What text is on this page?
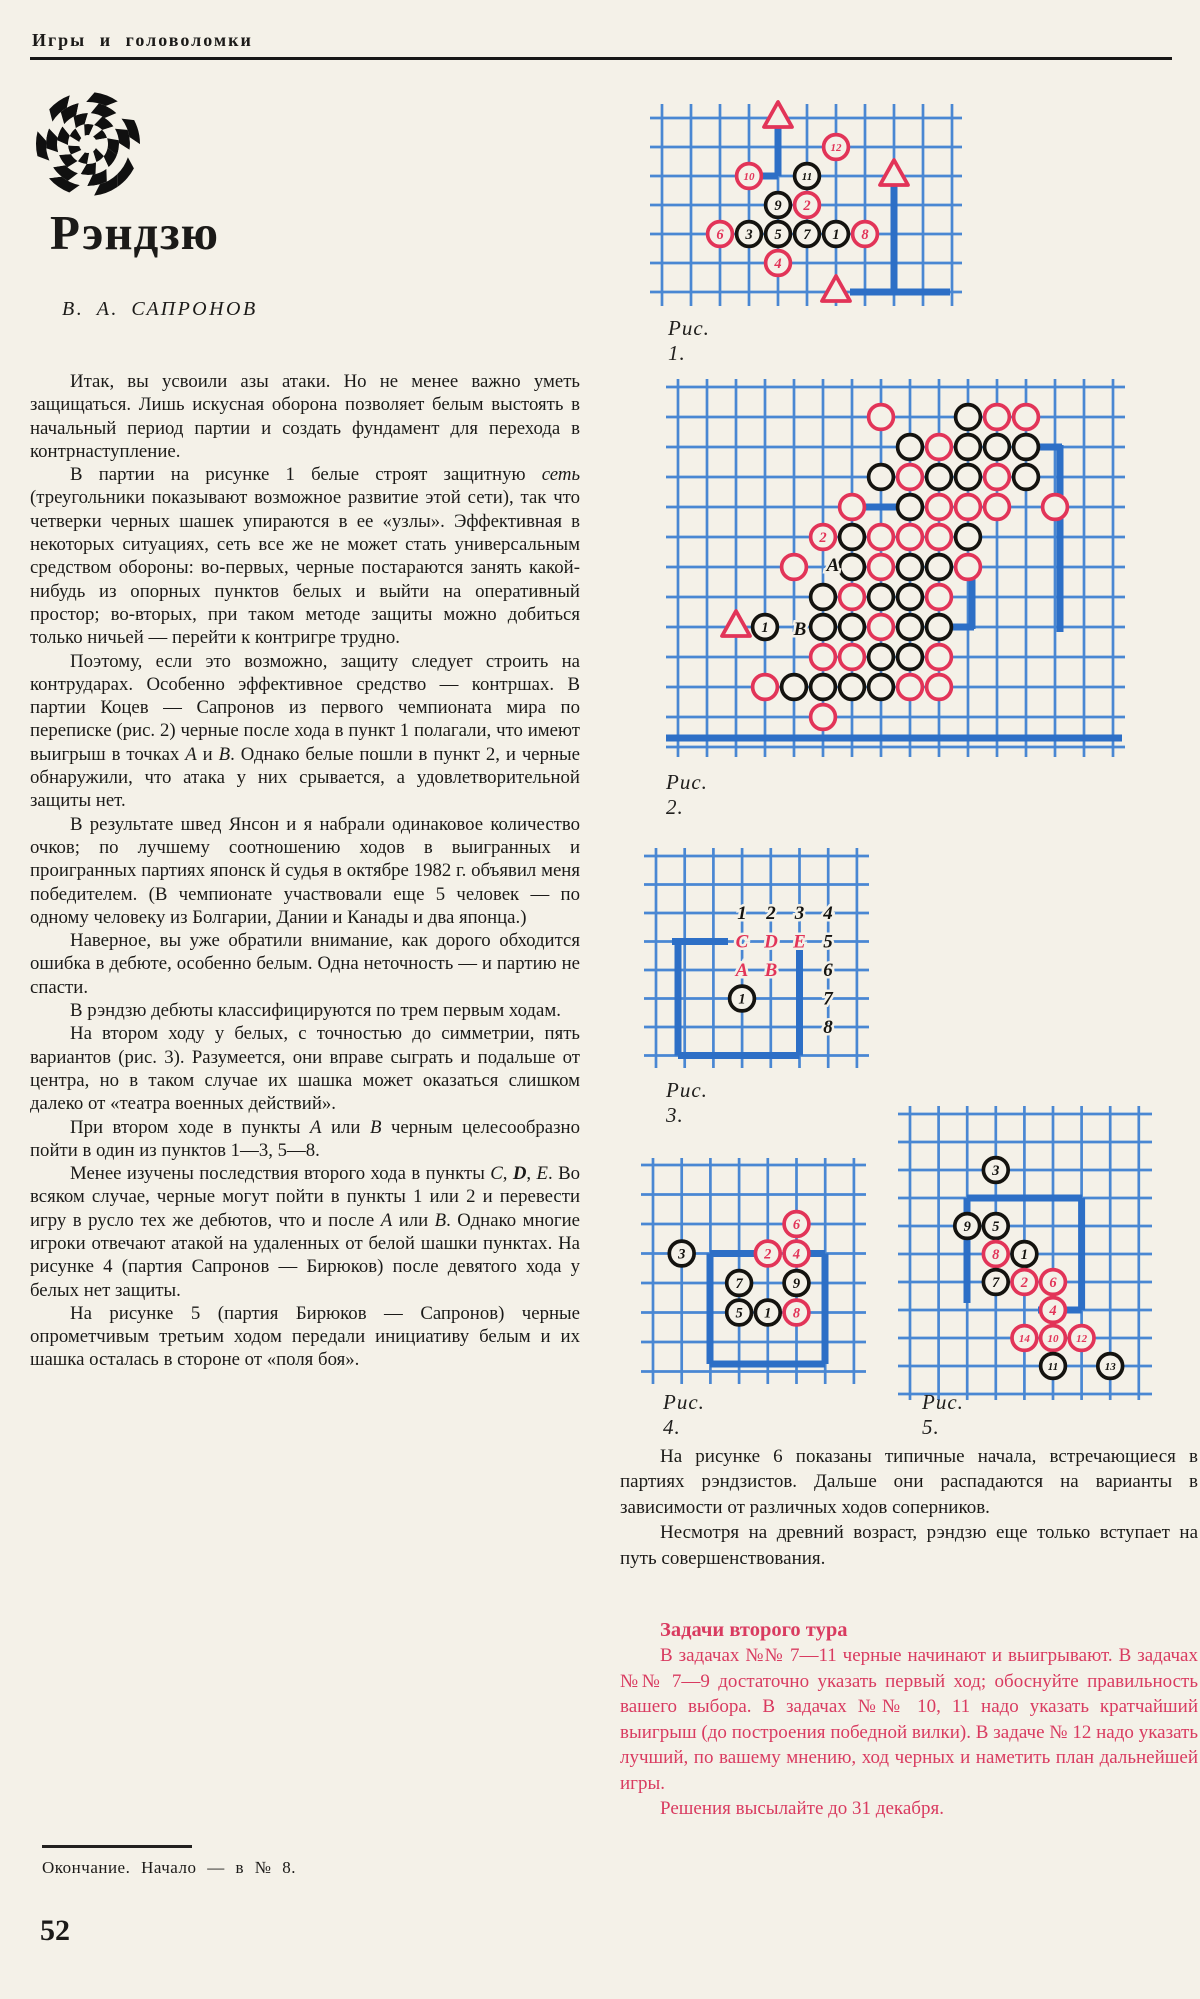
Игры и головоломки
Рэндзю
В. А. САПРОНОВ

Итак, вы усвоили азы атаки. Но не менее важно уметь защищаться. Лишь искусная оборона позволяет белым выстоять в начальный период партии и создать фундамент для перехода в контрнаступление.

В партии на рисунке 1 белые строят защитную сеть (треугольники показывают возможное развитие этой сети), так что четверки черных шашек упираются в ее «узлы». Эффективная в некоторых ситуациях, сеть все же не может стать универсальным средством обороны: во-первых, черные постараются занять какой-нибудь из опорных пунктов белых и выйти на оперативный простор; во-вторых, при таком методе защиты можно добиться только ничьей — перейти к контригре трудно.

Поэтому, если это возможно, защиту следует строить на контрударах. Особенно эффективное средство — контршах. В партии Коцев — Сапронов из первого чемпионата мира по переписке (рис. 2) черные после хода в пункт 1 полагали, что имеют выигрыш в точках А и В. Однако белые пошли в пункт 2, и черные обнаружили, что атака у них срывается, а удовлетворительной защиты нет.

В результате швед Янсон и я набрали одинаковое количество очков; по лучшему соотношению ходов в выигранных и проигранных партиях японск й судья в октябре 1982 г. объявил меня победителем. (В чемпионате участвовали еще 5 человек — по одному человеку из Болгарии, Дании и Канады и два японца.)

Наверное, вы уже обратили внимание, как дорого обходится ошибка в дебюте, особенно белым. Одна неточность — и партию не спасти.

В рэндзю дебюты классифицируются по трем первым ходам.

На втором ходу у белых, с точностью до симметрии, пять вариантов (рис. 3). Разумеется, они вправе сыграть и подальше от центра, но в таком случае их шашка может оказаться слишком далеко от «театра военных действий».

При втором ходе в пункты А или В черным целесообразно пойти в один из пунктов 1—3, 5—8.

Менее изучены последствия второго хода в пункты С, D, Е. Во всяком случае, черные могут пойти в пункты 1 или 2 и перевести игру в русло тех же дебютов, что и после А или В. Однако многие игроки отвечают атакой на удаленных от белой шашки пунктах. На рисунке 4 (партия Сапронов — Бирюков) после девятого хода у белых нет защиты.

На рисунке 5 (партия Бирюков — Сапронов) черные опрометчивым третьим ходом передали инициативу белым и их шашка осталась в стороне от «поля боя».

12
10	11
9 2
6 3 5 7 1 8
4
Рис. 1.
2
1
А
В
Рис. 2.
1
1 2 3 4
C D E 5
A B 6
7
8
Рис. 3.
6
3	2 4
7	9
5 1 8
Рис. 4.
3
9 5
8 1
7 2 6
4
14 10 12
11	13
Рис. 5.

На рисунке 6 показаны типичные начала, встречающиеся в партиях рэндзистов. Дальше они распадаются на варианты в зависимости от различных ходов соперников.

Несмотря на древний возраст, рэндзю еще только вступает на путь совершенствования.

Задачи второго тура

В задачах №№ 7—11 черные начинают и выигрывают. В задачах №№ 7—9 достаточно указать первый ход; обоснуйте правильность вашего выбора. В задачах №№ 10, 11 надо указать кратчайший выигрыш (до построения победной вилки). В задаче № 12 надо указать лучший, по вашему мнению, ход черных и наметить план дальнейшей игры.

Решения высылайте до 31 декабря.

Окончание. Начало — в № 8.
52
